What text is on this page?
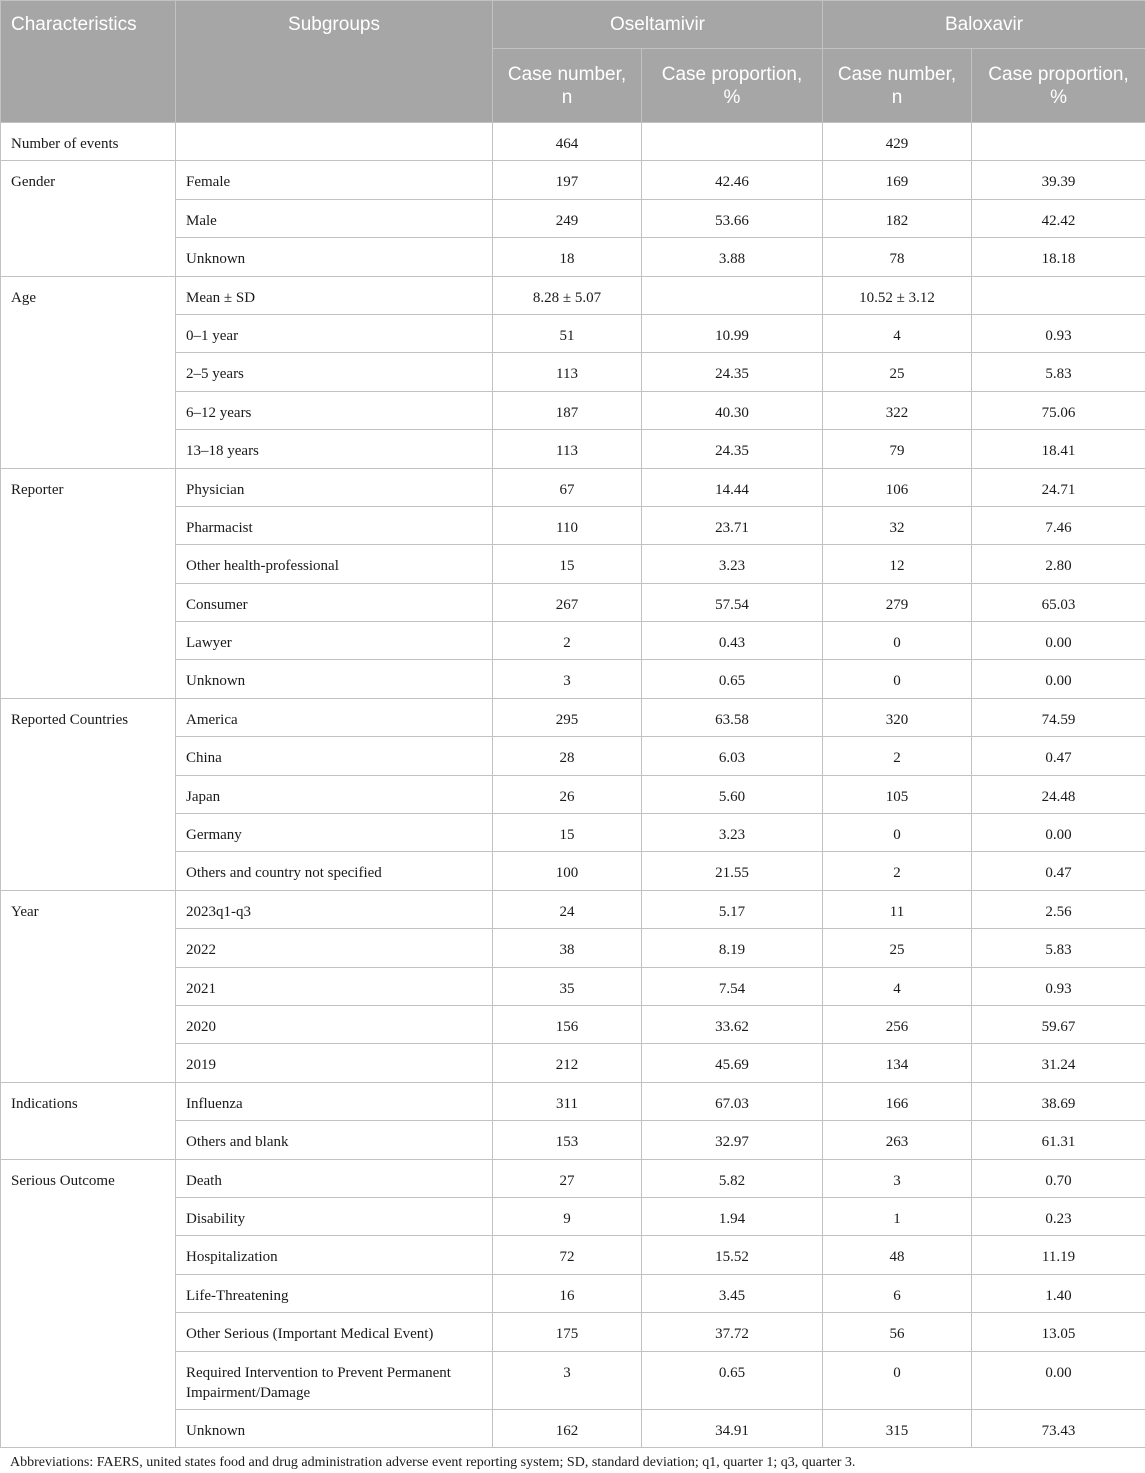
Characteristics	Subgroups	Oseltamivir		Baloxavir	
		Case number, n	Case proportion, %	Case number, n	Case proportion, %
Number of events		464		429	
Gender	Female	197	42.46	169	39.39
	Male	249	53.66	182	42.42
	Unknown	18	3.88	78	18.18
Age	Mean ± SD	8.28 ± 5.07		10.52 ± 3.12	
	0–1 year	51	10.99	4	0.93
	2–5 years	113	24.35	25	5.83
	6–12 years	187	40.30	322	75.06
	13–18 years	113	24.35	79	18.41
Reporter	Physician	67	14.44	106	24.71
	Pharmacist	110	23.71	32	7.46
	Other health-professional	15	3.23	12	2.80
	Consumer	267	57.54	279	65.03
	Lawyer	2	0.43	0	0.00
	Unknown	3	0.65	0	0.00
Reported Countries	America	295	63.58	320	74.59
	China	28	6.03	2	0.47
	Japan	26	5.60	105	24.48
	Germany	15	3.23	0	0.00
	Others and country not specified	100	21.55	2	0.47
Year	2023q1-q3	24	5.17	11	2.56
	2022	38	8.19	25	5.83
	2021	35	7.54	4	0.93
	2020	156	33.62	256	59.67
	2019	212	45.69	134	31.24
Indications	Influenza	311	67.03	166	38.69
	Others and blank	153	32.97	263	61.31
Serious Outcome	Death	27	5.82	3	0.70
	Disability	9	1.94	1	0.23
	Hospitalization	72	15.52	48	11.19
	Life-Threatening	16	3.45	6	1.40
	Other Serious (Important Medical Event)	175	37.72	56	13.05
	Required Intervention to Prevent Permanent Impairment/Damage	3	0.65	0	0.00
	Unknown	162	34.91	315	73.43
Abbreviations: FAERS, united states food and drug administration adverse event reporting system; SD, standard deviation; q1, quarter 1; q3, quarter 3.
